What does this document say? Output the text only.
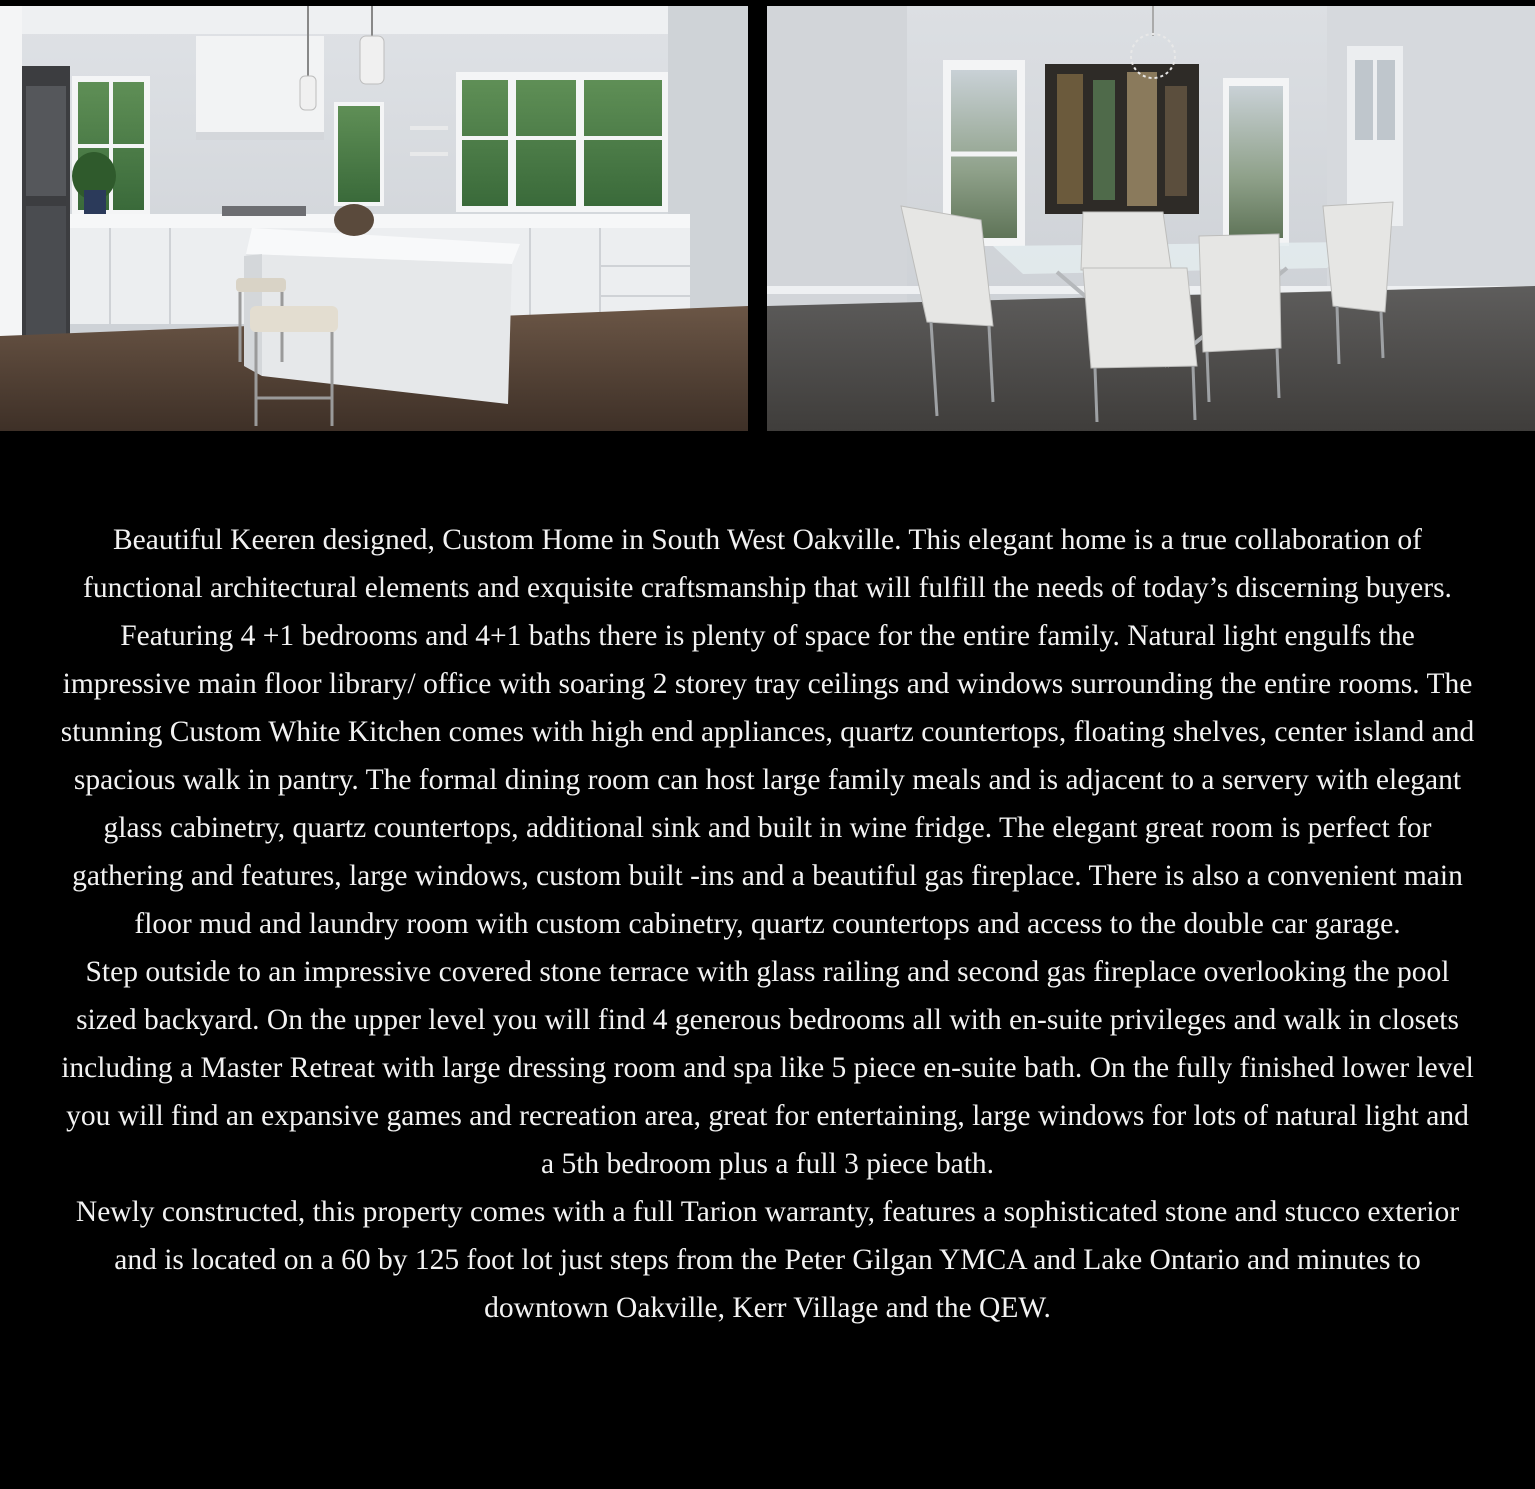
Beautiful Keeren designed, Custom Home in South West Oakville. This elegant home is a true collaboration of functional architectural elements and exquisite craftsmanship that will fulfill the needs of today’s discerning buyers. Featuring 4 +1 bedrooms and 4+1 baths there is plenty of space for the entire family. Natural light engulfs the impressive main floor library/ office with soaring 2 storey tray ceilings and windows surrounding the entire rooms. The stunning Custom White Kitchen comes with high end appliances, quartz countertops, floating shelves, center island and spacious walk in pantry. The formal dining room can host large family meals and is adjacent to a servery with elegant glass cabinetry, quartz countertops, additional sink and built in wine fridge. The elegant great room is perfect for gathering and features, large windows, custom built -ins and a beautiful gas fireplace. There is also a convenient main floor mud and laundry room with custom cabinetry, quartz countertops and access to the double car garage.

Step outside to an impressive covered stone terrace with glass railing and second gas fireplace overlooking the pool sized backyard. On the upper level you will find 4 generous bedrooms all with en-suite privileges and walk in closets including a Master Retreat with large dressing room and spa like 5 piece en-suite bath. On the fully finished lower level you will find an expansive games and recreation area, great for entertaining, large windows for lots of natural light and a 5th bedroom plus a full 3 piece bath.

Newly constructed, this property comes with a full Tarion warranty, features a sophisticated stone and stucco exterior and is located on a 60 by 125 foot lot just steps from the Peter Gilgan YMCA and Lake Ontario and minutes to downtown Oakville, Kerr Village and the QEW.
